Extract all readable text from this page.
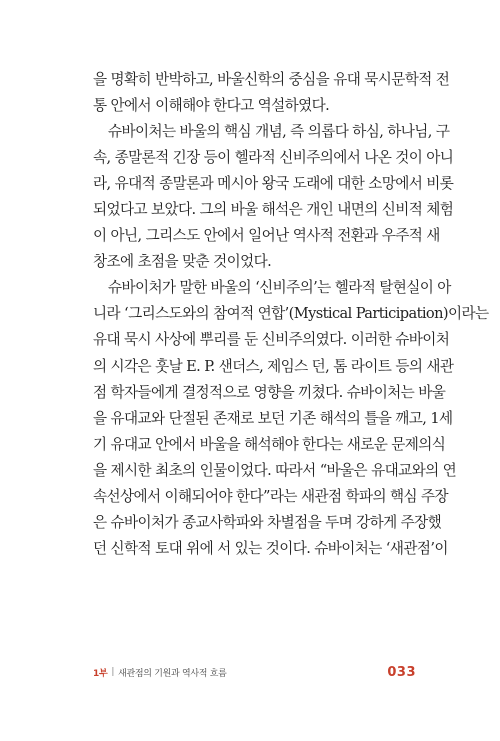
을 명확히 반박하고, 바울신학의 중심을 유대 묵시문학적 전
통 안에서 이해해야 한다고 역설하였다.
슈바이처는 바울의 핵심 개념, 즉 의롭다 하심, 하나님, 구
속, 종말론적 긴장 등이 헬라적 신비주의에서 나온 것이 아니
라, 유대적 종말론과 메시아 왕국 도래에 대한 소망에서 비롯
되었다고 보았다. 그의 바울 해석은 개인 내면의 신비적 체험
이 아닌, 그리스도 안에서 일어난 역사적 전환과 우주적 새
창조에 초점을 맞춘 것이었다.
슈바이처가 말한 바울의 ‘신비주의’는 헬라적 탈현실이 아
니라 ‘그리스도와의 참여적 연합’(Mystical Participation)이라는
유대 묵시 사상에 뿌리를 둔 신비주의였다. 이러한 슈바이처
의 시각은 훗날 E. P. 샌더스, 제임스 던, 톰 라이트 등의 새관
점 학자들에게 결정적으로 영향을 끼쳤다. 슈바이처는 바울
을 유대교와 단절된 존재로 보던 기존 해석의 틀을 깨고, 1세
기 유대교 안에서 바울을 해석해야 한다는 새로운 문제의식
을 제시한 최초의 인물이었다. 따라서 “바울은 유대교와의 연
속선상에서 이해되어야 한다”라는 새관점 학파의 핵심 주장
은 슈바이처가 종교사학파와 차별점을 두며 강하게 주장했
던 신학적 토대 위에 서 있는 것이다. 슈바이처는 ‘새관점’이
1부 | 새관점의 기원과 역사적 흐름	033
